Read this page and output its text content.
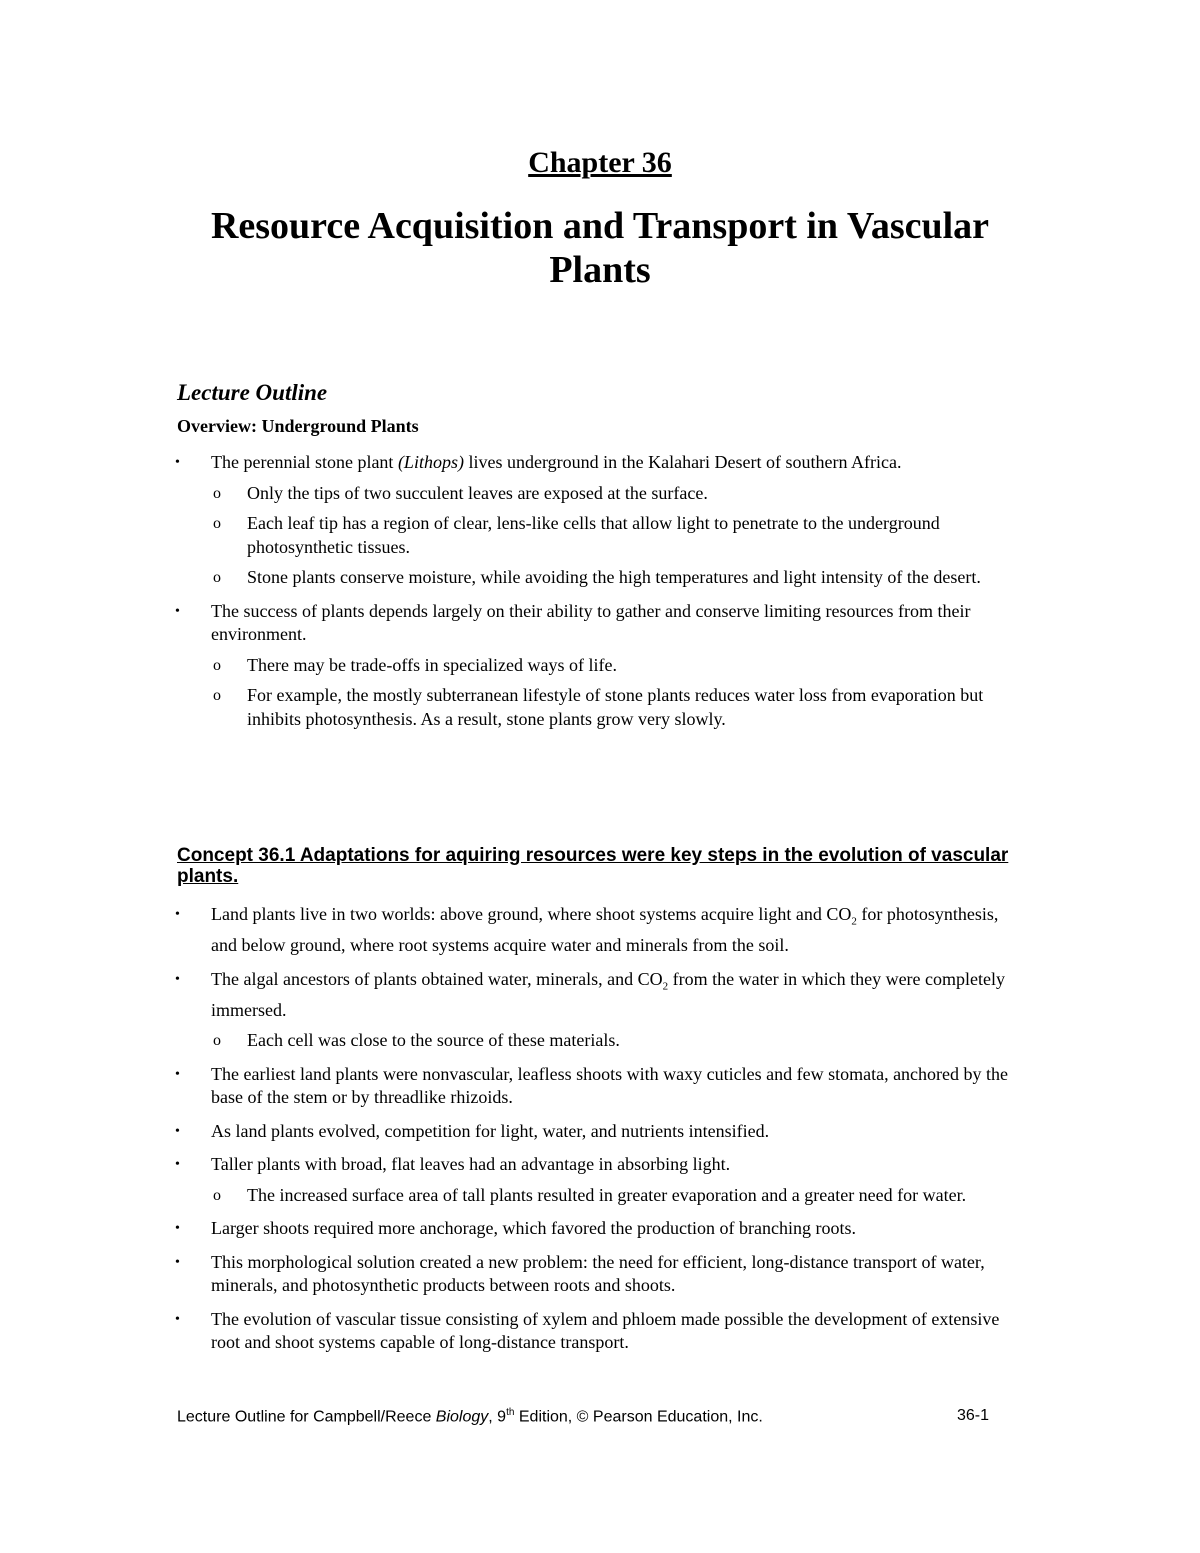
Chapter 36
Resource Acquisition and Transport in Vascular Plants
Lecture Outline
Overview: Underground Plants
• The perennial stone plant (Lithops) lives underground in the Kalahari Desert of southern Africa.
o Only the tips of two succulent leaves are exposed at the surface.
o Each leaf tip has a region of clear, lens-like cells that allow light to penetrate to the underground photosynthetic tissues.
o Stone plants conserve moisture, while avoiding the high temperatures and light intensity of the desert.
• The success of plants depends largely on their ability to gather and conserve limiting resources from their environment.
o There may be trade-offs in specialized ways of life.
o For example, the mostly subterranean lifestyle of stone plants reduces water loss from evaporation but inhibits photosynthesis. As a result, stone plants grow very slowly.
Concept 36.1 Adaptations for aquiring resources were key steps in the evolution of vascular plants.
• Land plants live in two worlds: above ground, where shoot systems acquire light and $CO_2$ for photosynthesis, and below ground, where root systems acquire water and minerals from the soil.
• The algal ancestors of plants obtained water, minerals, and $CO_2$ from the water in which they were completely immersed.
o Each cell was close to the source of these materials.
• The earliest land plants were nonvascular, leafless shoots with waxy cuticles and few stomata, anchored by the base of the stem or by threadlike rhizoids.
• As land plants evolved, competition for light, water, and nutrients intensified.
• Taller plants with broad, flat leaves had an advantage in absorbing light.
o The increased surface area of tall plants resulted in greater evaporation and a greater need for water.
• Larger shoots required more anchorage, which favored the production of branching roots.
• This morphological solution created a new problem: the need for efficient, long-distance transport of water, minerals, and photosynthetic products between roots and shoots.
• The evolution of vascular tissue consisting of xylem and phloem made possible the development of extensive root and shoot systems capable of long-distance transport.
Lecture Outline for Campbell/Reece Biology, 9th Edition, © Pearson Education, Inc.	36-1
